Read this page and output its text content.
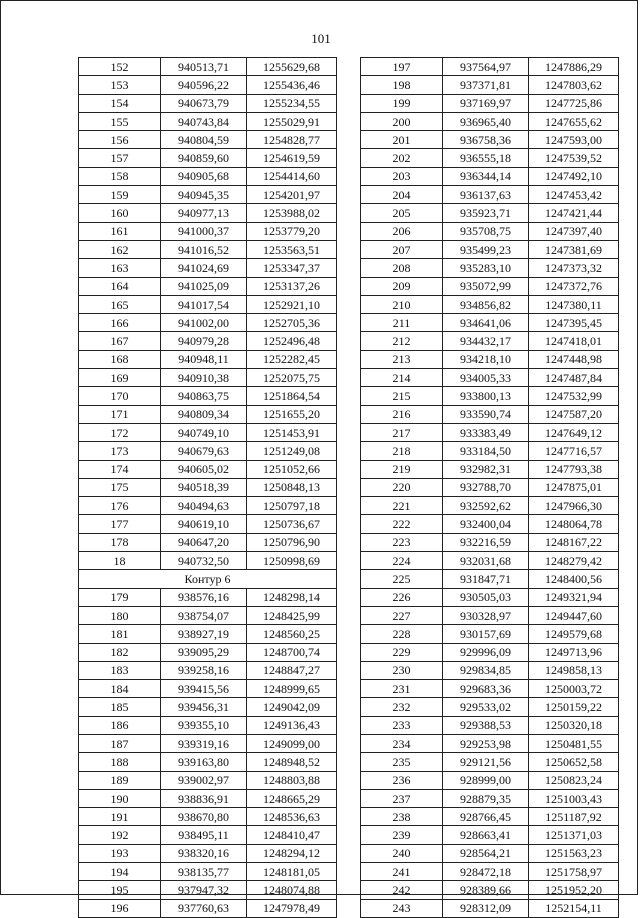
101
152	940513,71	1255629,68
153	940596,22	1255436,46
154	940673,79	1255234,55
155	940743,84	1255029,91
156	940804,59	1254828,77
157	940859,60	1254619,59
158	940905,68	1254414,60
159	940945,35	1254201,97
160	940977,13	1253988,02
161	941000,37	1253779,20
162	941016,52	1253563,51
163	941024,69	1253347,37
164	941025,09	1253137,26
165	941017,54	1252921,10
166	941002,00	1252705,36
167	940979,28	1252496,48
168	940948,11	1252282,45
169	940910,38	1252075,75
170	940863,75	1251864,54
171	940809,34	1251655,20
172	940749,10	1251453,91
173	940679,63	1251249,08
174	940605,02	1251052,66
175	940518,39	1250848,13
176	940494,63	1250797,18
177	940619,10	1250736,67
178	940647,20	1250796,90
18	940732,50	1250998,69
Контур 6		
179	938576,16	1248298,14
180	938754,07	1248425,99
181	938927,19	1248560,25
182	939095,29	1248700,74
183	939258,16	1248847,27
184	939415,56	1248999,65
185	939456,31	1249042,09
186	939355,10	1249136,43
187	939319,16	1249099,00
188	939163,80	1248948,52
189	939002,97	1248803,88
190	938836,91	1248665,29
191	938670,80	1248536,63
192	938495,11	1248410,47
193	938320,16	1248294,12
194	938135,77	1248181,05
195	937947,32	1248074,88
196	937760,63	1247978,49
197	937564,97	1247886,29
198	937371,81	1247803,62
199	937169,97	1247725,86
200	936965,40	1247655,62
201	936758,36	1247593,00
202	936555,18	1247539,52
203	936344,14	1247492,10
204	936137,63	1247453,42
205	935923,71	1247421,44
206	935708,75	1247397,40
207	935499,23	1247381,69
208	935283,10	1247373,32
209	935072,99	1247372,76
210	934856,82	1247380,11
211	934641,06	1247395,45
212	934432,17	1247418,01
213	934218,10	1247448,98
214	934005,33	1247487,84
215	933800,13	1247532,99
216	933590,74	1247587,20
217	933383,49	1247649,12
218	933184,50	1247716,57
219	932982,31	1247793,38
220	932788,70	1247875,01
221	932592,62	1247966,30
222	932400,04	1248064,78
223	932216,59	1248167,22
224	932031,68	1248279,42
225	931847,71	1248400,56
226	930505,03	1249321,94
227	930328,97	1249447,60
228	930157,69	1249579,68
229	929996,09	1249713,96
230	929834,85	1249858,13
231	929683,36	1250003,72
232	929533,02	1250159,22
233	929388,53	1250320,18
234	929253,98	1250481,55
235	929121,56	1250652,58
236	928999,00	1250823,24
237	928879,35	1251003,43
238	928766,45	1251187,92
239	928663,41	1251371,03
240	928564,21	1251563,23
241	928472,18	1251758,97
242	928389,66	1251952,20
243	928312,09	1252154,11
